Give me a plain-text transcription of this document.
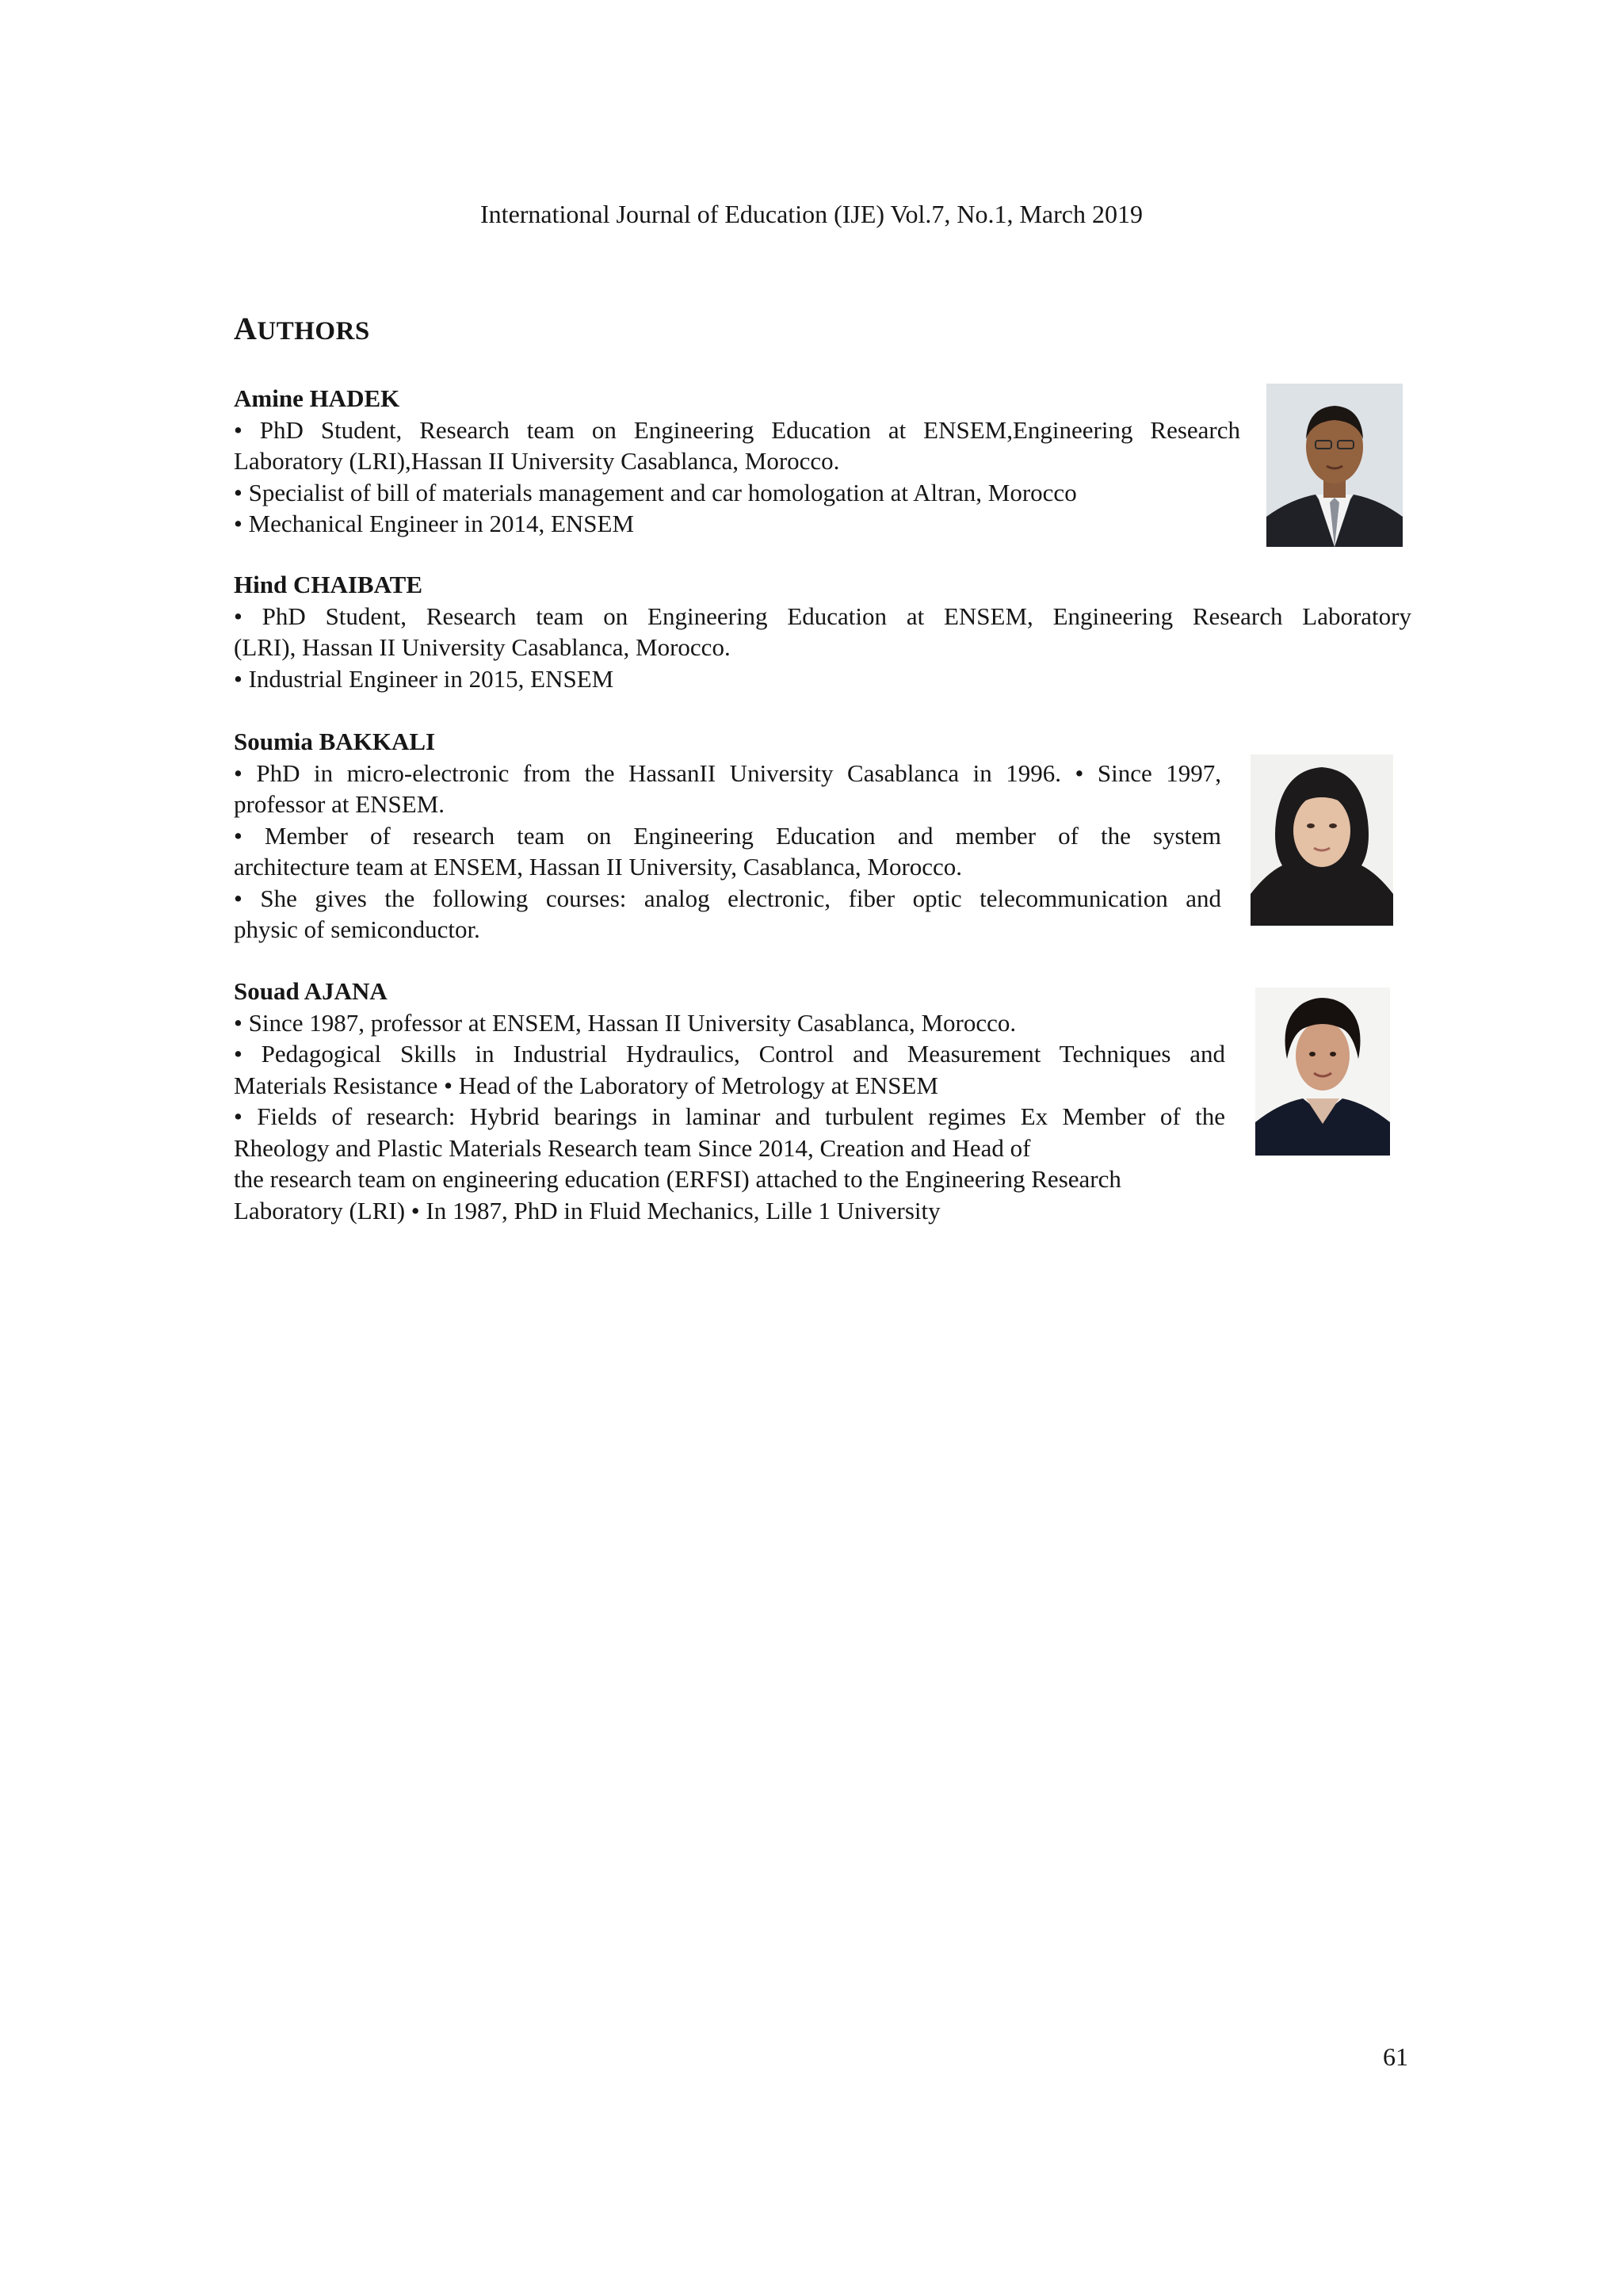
International Journal of Education (IJE) Vol.7, No.1, March 2019
AUTHORS
Amine HADEK
• PhD Student, Research team on Engineering Education at ENSEM,Engineering Research
Laboratory (LRI),Hassan II University Casablanca, Morocco.
• Specialist of bill of materials management and car homologation at Altran, Morocco
• Mechanical Engineer in 2014, ENSEM
Hind CHAIBATE
• PhD Student, Research team on Engineering Education at ENSEM, Engineering Research Laboratory
(LRI), Hassan II University Casablanca, Morocco.
• Industrial Engineer in 2015, ENSEM
Soumia BAKKALI
• PhD in micro-electronic from the HassanII University Casablanca in 1996. • Since 1997,
professor at ENSEM.
• Member of research team on Engineering Education and member of the system
architecture team at ENSEM, Hassan II University, Casablanca, Morocco.
• She gives the following courses: analog electronic, fiber optic telecommunication and
physic of semiconductor.
Souad AJANA
• Since 1987, professor at ENSEM, Hassan II University Casablanca, Morocco.
• Pedagogical Skills in Industrial Hydraulics, Control and Measurement Techniques and
Materials Resistance • Head of the Laboratory of Metrology at ENSEM
• Fields of research: Hybrid bearings in laminar and turbulent regimes Ex Member of the
Rheology and Plastic Materials Research team Since 2014, Creation and Head of
the research team on engineering education (ERFSI) attached to the Engineering Research
Laboratory (LRI) • In 1987, PhD in Fluid Mechanics, Lille 1 University
61
